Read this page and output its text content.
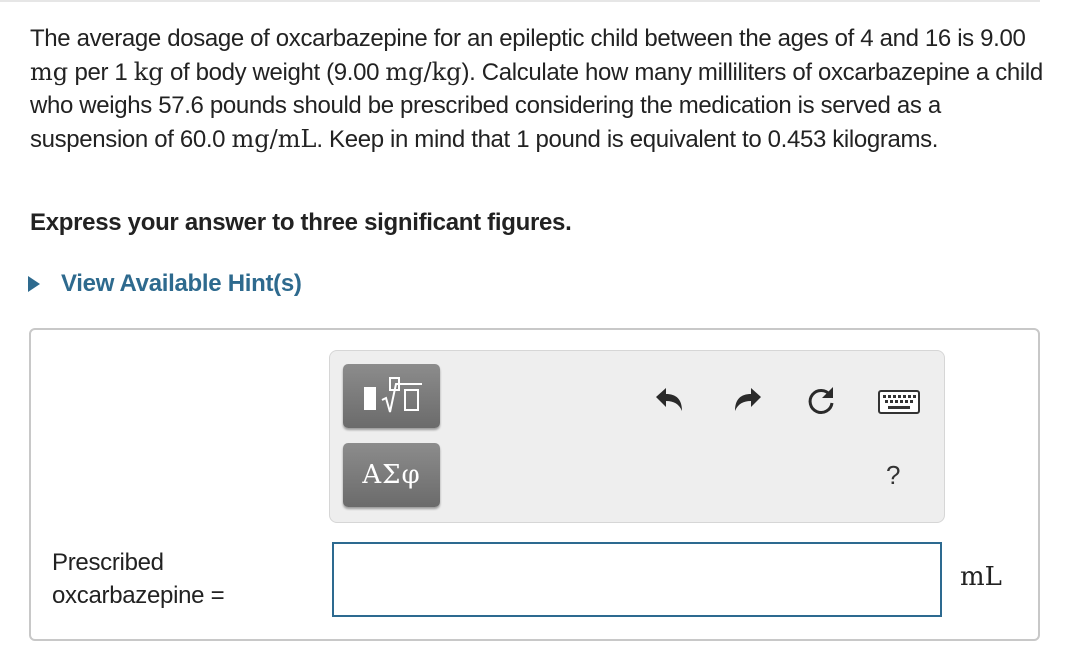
The average dosage of oxcarbazepine for an epileptic child between the ages of 4 and 16 is 9.00 mg per 1 kg of body weight (9.00 mg/kg). Calculate how many milliliters of oxcarbazepine a child who weighs 57.6 pounds should be prescribed considering the medication is served as a suspension of 60.0 mg/mL. Keep in mind that 1 pound is equivalent to 0.453 kilograms.
Express your answer to three significant figures.
View Available Hint(s)
ΑΣφ	?
Prescribed
oxcarbazepine =
mL
